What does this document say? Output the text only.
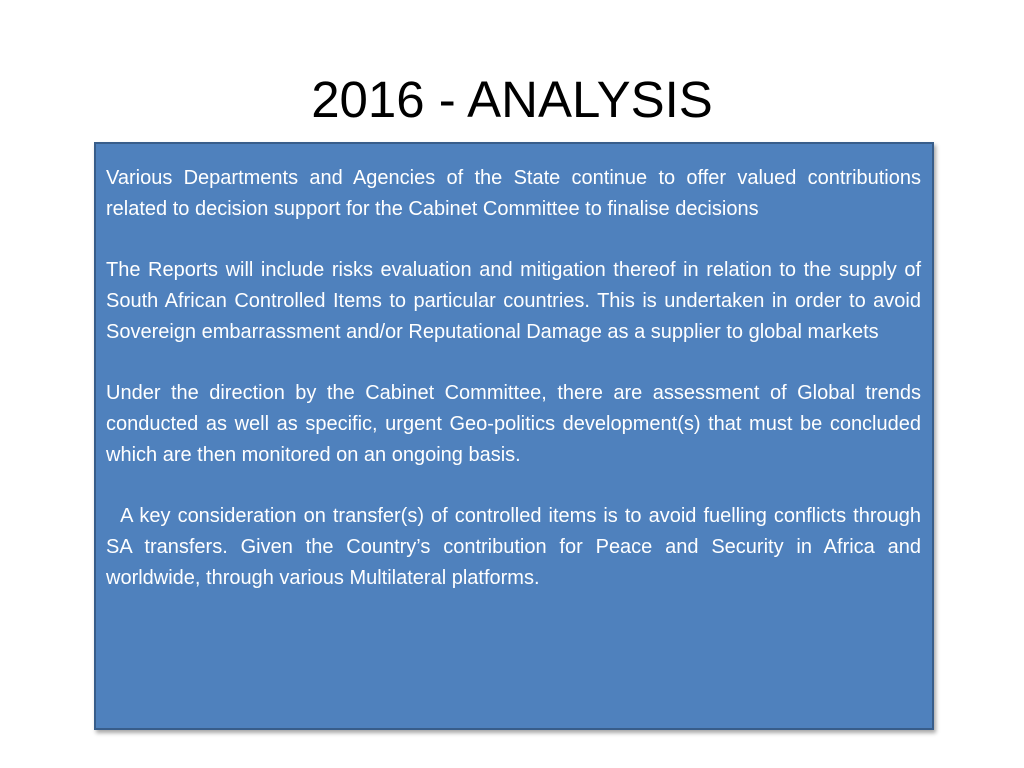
2016 - ANALYSIS

Various Departments and Agencies of the State continue to offer valued contributions related to decision support for the Cabinet Committee to finalise decisions

The Reports will include risks evaluation and mitigation thereof in relation to the supply of South African Controlled Items to particular countries. This is undertaken in order to avoid Sovereign embarrassment and/or Reputational Damage as a supplier to global markets

Under the direction by the Cabinet Committee, there are assessment of Global trends conducted as well as specific, urgent Geo-politics development(s) that must be concluded which are then monitored on an ongoing basis.

A key consideration on transfer(s) of controlled items is to avoid fuelling conflicts through SA transfers. Given the Country’s contribution for Peace and Security in Africa and worldwide, through various Multilateral platforms.
